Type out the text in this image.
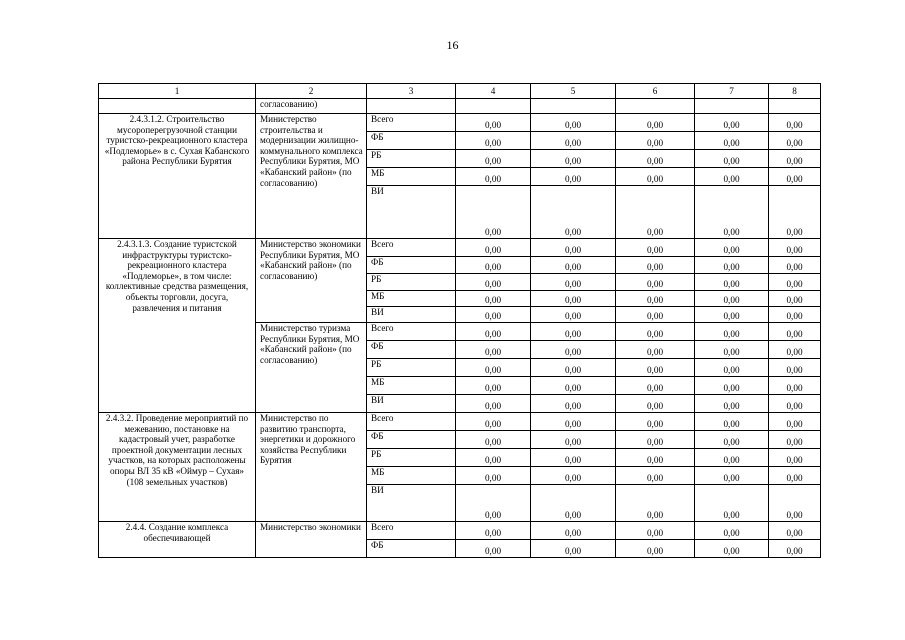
16
1	2	3	4	5	6	7	8
	согласованию)						
2.4.3.1.2. Строительство мусороперегрузочной станции туристско-рекреационного кластера «Подлеморье» в с. Сухая Кабанского района Республики Бурятия	Министерство строительства и модернизации жилищно-коммунального комплекса Республики Бурятия, МО «Кабанский район» (по согласованию)	Всего	0,00	0,00	0,00	0,00	0,00
		ФБ	0,00	0,00	0,00	0,00	0,00
		РБ	0,00	0,00	0,00	0,00	0,00
		МБ	0,00	0,00	0,00	0,00	0,00
		ВИ	0,00	0,00	0,00	0,00	0,00
2.4.3.1.3. Создание туристской инфраструктуры туристско-рекреационного кластера «Подлеморье», в том числе: коллективные средства размещения, объекты торговли, досуга, развлечения и питания	Министерство экономики Республики Бурятия, МО «Кабанский район» (по согласованию)	Всего	0,00	0,00	0,00	0,00	0,00
		ФБ	0,00	0,00	0,00	0,00	0,00
		РБ	0,00	0,00	0,00	0,00	0,00
		МБ	0,00	0,00	0,00	0,00	0,00
		ВИ	0,00	0,00	0,00	0,00	0,00
	Министерство туризма Республики Бурятия, МО «Кабанский район» (по согласованию)	Всего	0,00	0,00	0,00	0,00	0,00
		ФБ	0,00	0,00	0,00	0,00	0,00
		РБ	0,00	0,00	0,00	0,00	0,00
		МБ	0,00	0,00	0,00	0,00	0,00
		ВИ	0,00	0,00	0,00	0,00	0,00
2.4.3.2. Проведение мероприятий по межеванию, постановке на кадастровый учет, разработке проектной документации лесных участков, на которых расположены опоры ВЛ 35 кВ «Оймур – Сухая» (108 земельных участков)	Министерство по развитию транспорта, энергетики и дорожного хозяйства Республики Бурятия	Всего	0,00	0,00	0,00	0,00	0,00
		ФБ	0,00	0,00	0,00	0,00	0,00
		РБ	0,00	0,00	0,00	0,00	0,00
		МБ	0,00	0,00	0,00	0,00	0,00
		ВИ	0,00	0,00	0,00	0,00	0,00
2.4.4. Создание комплекса обеспечивающей	Министерство экономики	Всего	0,00	0,00	0,00	0,00	0,00
		ФБ	0,00	0,00	0,00	0,00	0,00
